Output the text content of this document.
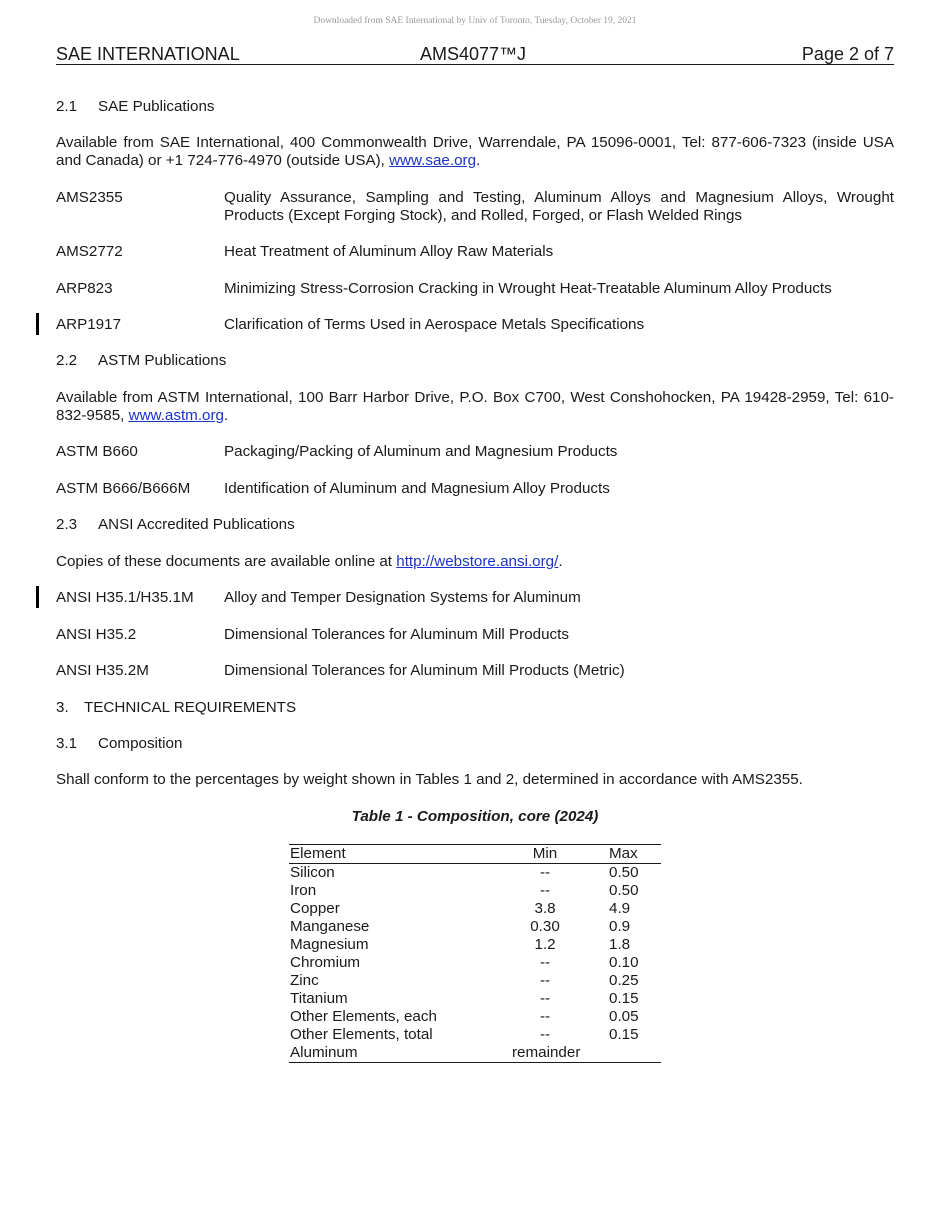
Downloaded from SAE International by Univ of Toronto, Tuesday, October 19, 2021
SAE INTERNATIONAL	AMS4077™J	Page 2 of 7
2.1 SAE Publications
Available from SAE International, 400 Commonwealth Drive, Warrendale, PA 15096-0001, Tel: 877-606-7323 (inside USA and Canada) or +1 724-776-4970 (outside USA), www.sae.org.
AMS2355	Quality Assurance, Sampling and Testing, Aluminum Alloys and Magnesium Alloys, Wrought Products (Except Forging Stock), and Rolled, Forged, or Flash Welded Rings
AMS2772	Heat Treatment of Aluminum Alloy Raw Materials
ARP823	Minimizing Stress-Corrosion Cracking in Wrought Heat-Treatable Aluminum Alloy Products
ARP1917	Clarification of Terms Used in Aerospace Metals Specifications
2.2 ASTM Publications
Available from ASTM International, 100 Barr Harbor Drive, P.O. Box C700, West Conshohocken, PA 19428-2959, Tel: 610-832-9585, www.astm.org.
ASTM B660	Packaging/Packing of Aluminum and Magnesium Products
ASTM B666/B666M Identification of Aluminum and Magnesium Alloy Products
2.3 ANSI Accredited Publications
Copies of these documents are available online at http://webstore.ansi.org/.
ANSI H35.1/H35.1M Alloy and Temper Designation Systems for Aluminum
ANSI H35.2	Dimensional Tolerances for Aluminum Mill Products
ANSI H35.2M	Dimensional Tolerances for Aluminum Mill Products (Metric)
3. TECHNICAL REQUIREMENTS
3.1 Composition
Shall conform to the percentages by weight shown in Tables 1 and 2, determined in accordance with AMS2355.
Table 1 - Composition, core (2024)
Element	Min	Max
Silicon	--	0.50
Iron	--	0.50
Copper	3.8	4.9
Manganese	0.30	0.9
Magnesium	1.2	1.8
Chromium	--	0.10
Zinc	--	0.25
Titanium	--	0.15
Other Elements, each	--	0.05
Other Elements, total	--	0.15
Aluminum	remainder
